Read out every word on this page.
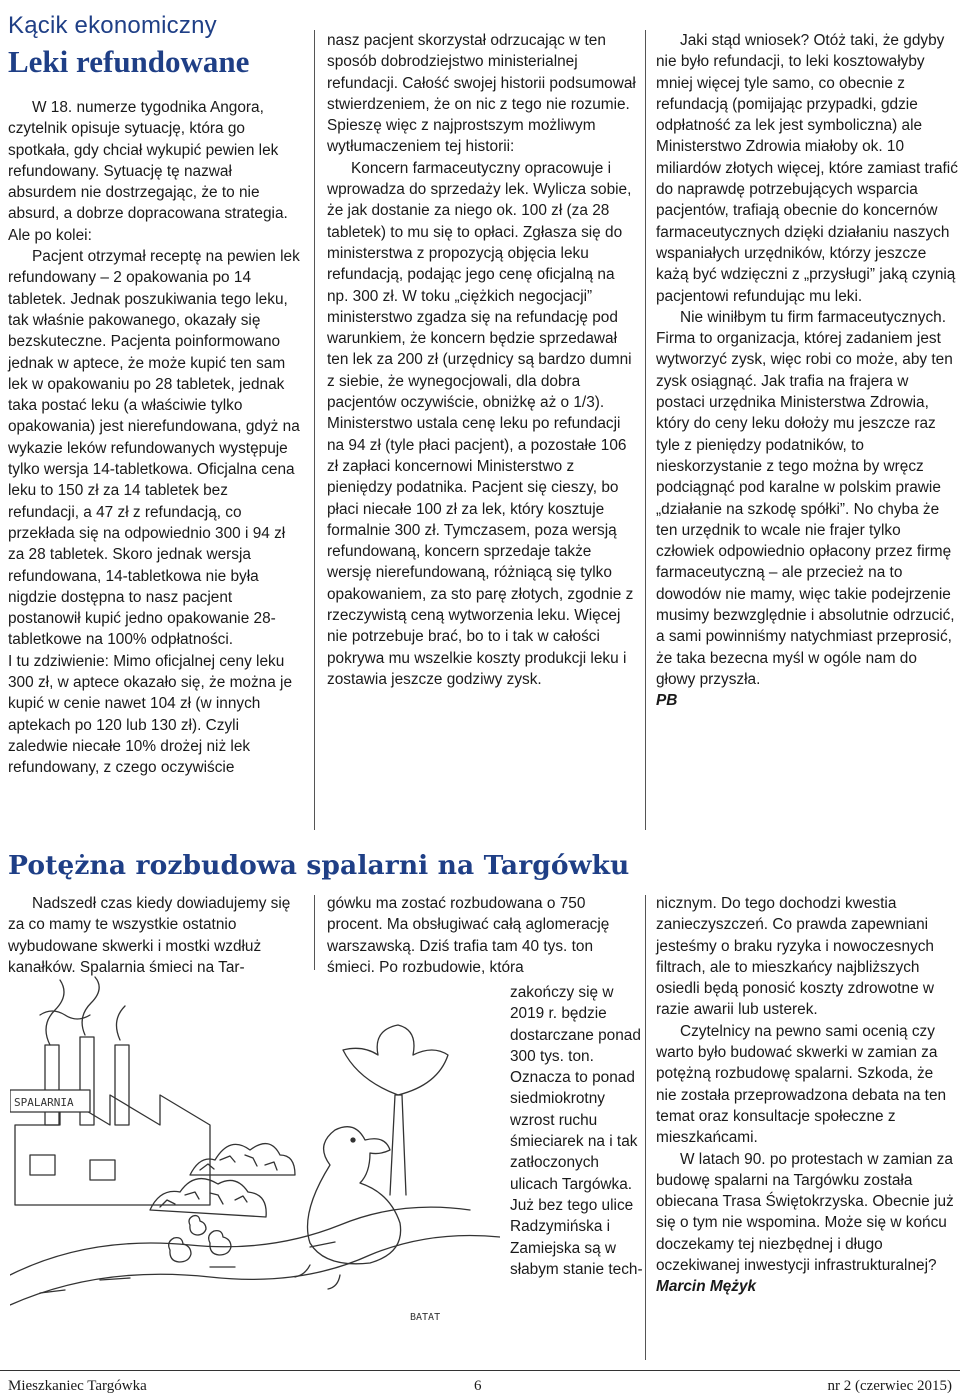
Kącik ekonomiczny
Leki refundowane

W 18. numerze tygodnika Angora, czytelnik opisuje sytuację, która go spotkała, gdy chciał wykupić pewien lek refundowany. Sytuację tę nazwał absurdem nie dostrzegając, że to nie absurd, a dobrze dopracowana strategia. Ale po kolei:

Pacjent otrzymał receptę na pewien lek refundowany – 2 opakowania po 14 tabletek. Jednak poszukiwania tego leku, tak właśnie pakowanego, okazały się bezskuteczne. Pacjenta poinformowano jednak w aptece, że może kupić ten sam lek w opakowaniu po 28 tabletek, jednak taka postać leku (a właściwie tylko opakowania) jest nierefundowana, gdyż na wykazie leków refundowanych występuje tylko wersja 14-tabletkowa. Oficjalna cena leku to 150 zł za 14 tabletek bez refundacji, a 47 zł z refundacją, co przekłada się na odpowiednio 300 i 94 zł za 28 tabletek. Skoro jednak wersja refundowana, 14-tabletkowa nie była nigdzie dostępna to nasz pacjent postanowił kupić jedno opakowanie 28-tabletkowe na 100% odpłatności.

I tu zdziwienie: Mimo oficjalnej ceny leku 300 zł, w aptece okazało się, że można je kupić w cenie nawet 104 zł (w innych aptekach po 120 lub 130 zł). Czyli zaledwie niecałe 10% drożej niż lek refundowany, z czego oczywiście

nasz pacjent skorzystał odrzucając w ten sposób dobrodziejstwo ministerialnej refundacji. Całość swojej historii podsumował stwierdzeniem, że on nic z tego nie rozumie. Spieszę więc z najprostszym możliwym wytłumaczeniem tej historii:

Koncern farmaceutyczny opracowuje i wprowadza do sprzedaży lek. Wylicza sobie, że jak dostanie za niego ok. 100 zł (za 28 tabletek) to mu się to opłaci. Zgłasza się do ministerstwa z propozycją objęcia leku refundacją, podając jego cenę oficjalną na np. 300 zł. W toku „ciężkich negocjacji” ministerstwo zgadza się na refundację pod warunkiem, że koncern będzie sprzedawał ten lek za 200 zł (urzędnicy są bardzo dumni z siebie, że wynegocjowali, dla dobra pacjentów oczywiście, obniżkę aż o 1/3). Ministerstwo ustala cenę leku po refundacji na 94 zł (tyle płaci pacjent), a pozostałe 106 zł zapłaci koncernowi Ministerstwo z pieniędzy podatnika. Pacjent się cieszy, bo płaci niecałe 100 zł za lek, który kosztuje formalnie 300 zł. Tymczasem, poza wersją refundowaną, koncern sprzedaje także wersję nierefundowaną, różniącą się tylko opakowaniem, za sto parę złotych, zgodnie z rzeczywistą ceną wytworzenia leku. Więcej nie potrzebuje brać, bo to i tak w całości pokrywa mu wszelkie koszty produkcji leku i zostawia jeszcze godziwy zysk.

Jaki stąd wniosek? Otóż taki, że gdyby nie było refundacji, to leki kosztowałyby mniej więcej tyle samo, co obecnie z refundacją (pomijając przypadki, gdzie odpłatność za lek jest symboliczna) ale Ministerstwo Zdrowia miałoby ok. 10 miliardów złotych więcej, które zamiast trafić do naprawdę potrzebujących wsparcia pacjentów, trafiają obecnie do koncernów farmaceutycznych dzięki działaniu naszych wspaniałych urzędników, którzy jeszcze każą być wdzięczni z „przysługi” jaką czynią pacjentowi refundując mu leki.

Nie winiłbym tu firm farmaceutycznych. Firma to organizacja, której zadaniem jest wytworzyć zysk, więc robi co może, aby ten zysk osiągnąć. Jak trafia na frajera w postaci urzędnika Ministerstwa Zdrowia, który do ceny leku dołoży mu jeszcze raz tyle z pieniędzy podatników, to nieskorzystanie z tego można by wręcz podciągnąć pod karalne w polskim prawie „działanie na szkodę spółki”. No chyba że ten urzędnik to wcale nie frajer tylko człowiek odpowiednio opłacony przez firmę farmaceutyczną – ale przecież na to dowodów nie mamy, więc takie podejrzenie musimy bezwzględnie i absolutnie odrzucić, a sami powinniśmy natychmiast przeprosić, że taka bezecna myśl w ogóle nam do głowy przyszła.

PB

Potężna rozbudowa spalarni na Targówku

Nadszedł czas kiedy dowiadujemy się za co mamy te wszystkie ostatnio wybudowane skwerki i mostki wzdłuż kanałków. Spalarnia śmieci na Tar-

gówku ma zostać rozbudowana o 750 procent. Ma obsługiwać całą aglomerację warszawską. Dziś trafia tam 40 tys. ton śmieci. Po rozbudowie, która

zakończy się w 2019 r. będzie dostarczane ponad 300 tys. ton. Oznacza to ponad siedmiokrotny wzrost ruchu śmieciarek na i tak zatłoczonych ulicach Targówka. Już bez tego ulice Radzymińska i Zamiejska są w słabym stanie tech-

nicznym. Do tego dochodzi kwestia zanieczyszczeń. Co prawda zapewniani jesteśmy o braku ryzyka i nowoczesnych filtrach, ale to mieszkańcy najbliższych osiedli będą ponosić koszty zdrowotne w razie awarii lub usterek.

Czytelnicy na pewno sami ocenią czy warto było budować skwerki w zamian za potężną rozbudowę spalarni. Szkoda, że nie została przeprowadzona debata na ten temat oraz konsultacje społeczne z mieszkańcami.

W latach 90. po protestach w zamian za budowę spalarni na Targówku została obiecana Trasa Świętokrzyska. Obecnie już się o tym nie wspomina. Może się w końcu doczekamy tej niezbędnej i długo oczekiwanej inwestycji infrastrukturalnej?

Marcin Mężyk

SPALARNIA
BATAT
Mieszkaniec Targówka	6	nr 2 (czerwiec 2015)
